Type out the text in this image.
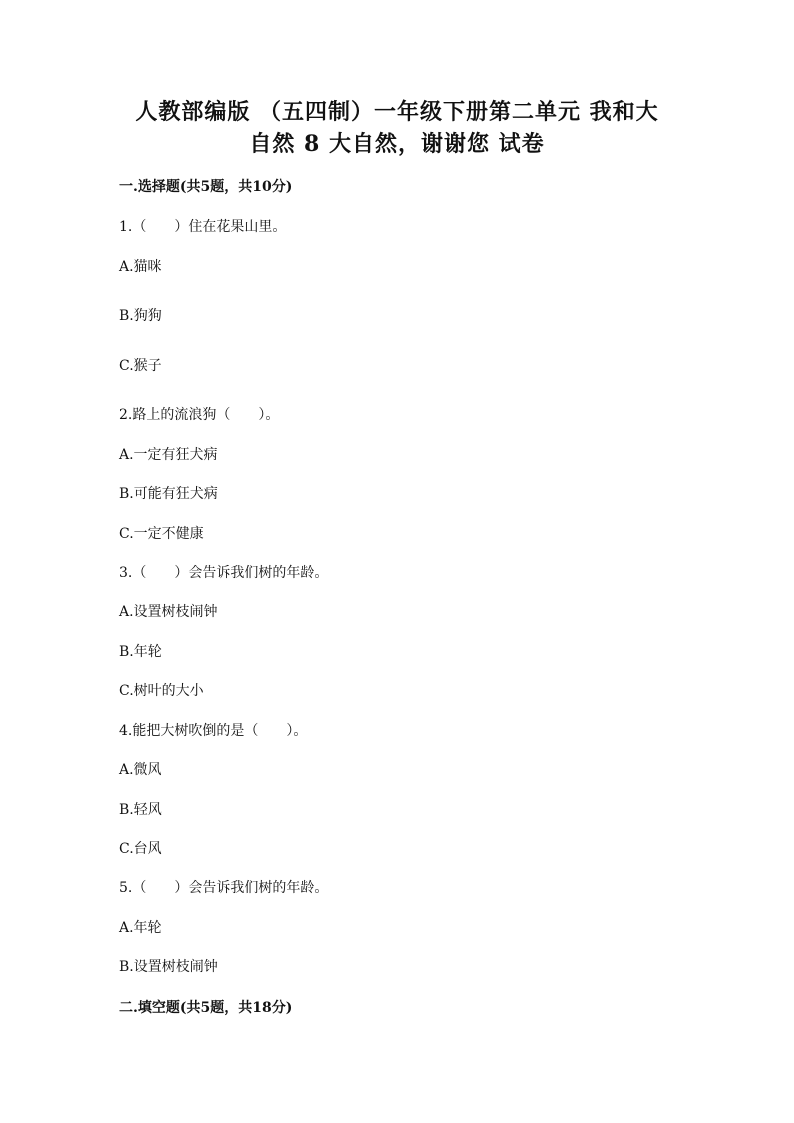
人教部编版 （五四制）一年级下册第二单元 我和大
自然 8 大自然，谢谢您 试卷
一.选择题(共5题，共10分)
1.（　　）住在花果山里。
A.猫咪
B.狗狗
C.猴子
2.路上的流浪狗（　　）。
A.一定有狂犬病
B.可能有狂犬病
C.一定不健康
3.（　　）会告诉我们树的年龄。
A.设置树枝闹钟
B.年轮
C.树叶的大小
4.能把大树吹倒的是（　　）。
A.微风
B.轻风
C.台风
5.（　　）会告诉我们树的年龄。
A.年轮
B.设置树枝闹钟
二.填空题(共5题，共18分)
